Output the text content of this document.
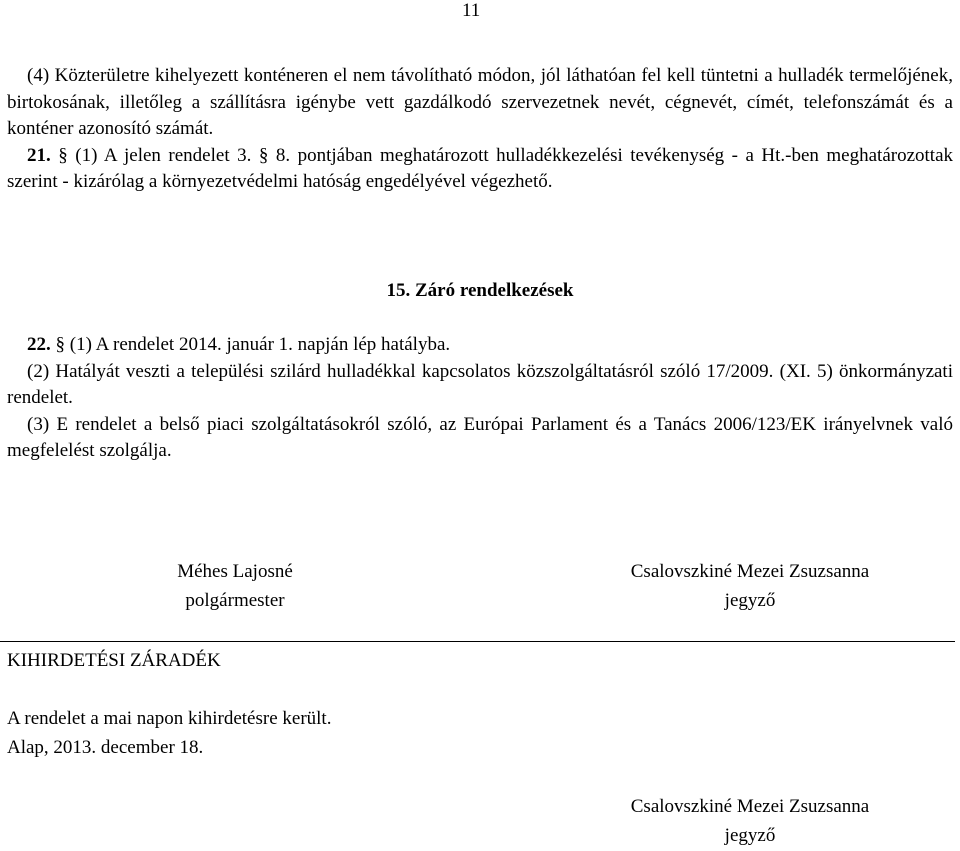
11

(4) Közterületre kihelyezett konténeren el nem távolítható módon, jól láthatóan fel kell tüntetni a hulladék termelőjének, birtokosának, illetőleg a szállításra igénybe vett gazdálkodó szervezetnek nevét, cégnevét, címét, telefonszámát és a konténer azonosító számát.

21. § (1) A jelen rendelet 3. § 8. pontjában meghatározott hulladékkezelési tevékenység - a Ht.-ben meghatározottak szerint - kizárólag a környezetvédelmi hatóság engedélyével végezhető.

15. Záró rendelkezések

22. § (1) A rendelet 2014. január 1. napján lép hatályba.

(2) Hatályát veszti a települési szilárd hulladékkal kapcsolatos közszolgáltatásról szóló 17/2009. (XI. 5) önkormányzati rendelet.

(3) E rendelet a belső piaci szolgáltatásokról szóló, az Európai Parlament és a Tanács 2006/123/EK irányelvnek való megfelelést szolgálja.

Méhes Lajosné
polgármester
Csalovszkiné Mezei Zsuzsanna
jegyző
KIHIRDETÉSI ZÁRADÉK
A rendelet a mai napon kihirdetésre került.
Alap, 2013. december 18.
Csalovszkiné Mezei Zsuzsanna
jegyző
